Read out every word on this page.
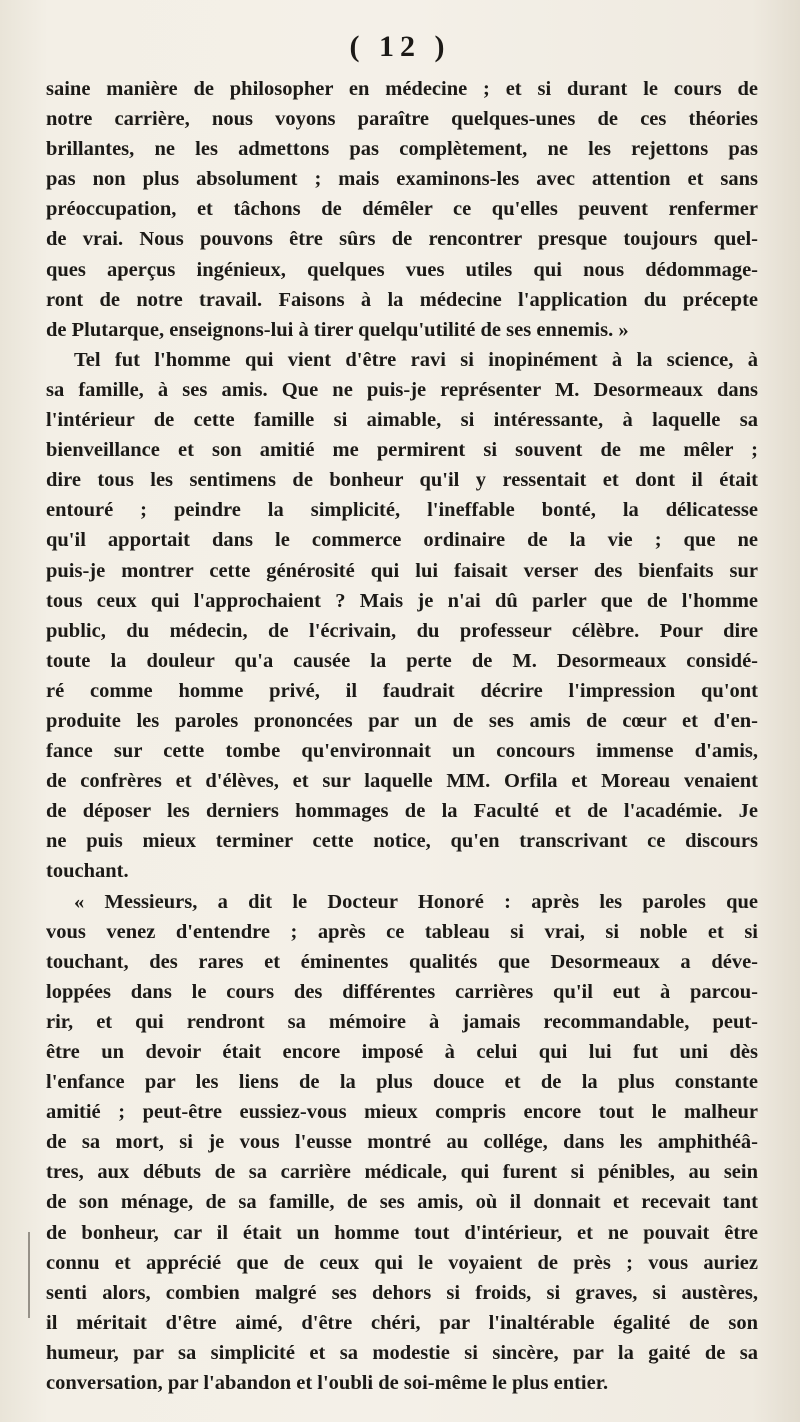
( 12 )
saine manière de philosopher en médecine ; et si durant le cours de
notre carrière, nous voyons paraître quelques-unes de ces théories
brillantes, ne les admettons pas complètement, ne les rejettons pas
pas non plus absolument ; mais examinons-les avec attention et sans
préoccupation, et tâchons de démêler ce qu'elles peuvent renfermer
de vrai. Nous pouvons être sûrs de rencontrer presque toujours quel-
ques aperçus ingénieux, quelques vues utiles qui nous dédommage-
ront de notre travail. Faisons à la médecine l'application du précepte
de Plutarque, enseignons-lui à tirer quelqu'utilité de ses ennemis. »
Tel fut l'homme qui vient d'être ravi si inopinément à la science, à
sa famille, à ses amis. Que ne puis-je représenter M. Desormeaux dans
l'intérieur de cette famille si aimable, si intéressante, à laquelle sa
bienveillance et son amitié me permirent si souvent de me mêler ;
dire tous les sentimens de bonheur qu'il y ressentait et dont il était
entouré ; peindre la simplicité, l'ineffable bonté, la délicatesse
qu'il apportait dans le commerce ordinaire de la vie ; que ne
puis-je montrer cette générosité qui lui faisait verser des bienfaits sur
tous ceux qui l'approchaient ? Mais je n'ai dû parler que de l'homme
public, du médecin, de l'écrivain, du professeur célèbre. Pour dire
toute la douleur qu'a causée la perte de M. Desormeaux considé-
ré comme homme privé, il faudrait décrire l'impression qu'ont
produite les paroles prononcées par un de ses amis de cœur et d'en-
fance sur cette tombe qu'environnait un concours immense d'amis,
de confrères et d'élèves, et sur laquelle MM. Orfila et Moreau venaient
de déposer les derniers hommages de la Faculté et de l'académie. Je
ne puis mieux terminer cette notice, qu'en transcrivant ce discours
touchant.
« Messieurs, a dit le Docteur Honoré : après les paroles que
vous venez d'entendre ; après ce tableau si vrai, si noble et si
touchant, des rares et éminentes qualités que Desormeaux a déve-
loppées dans le cours des différentes carrières qu'il eut à parcou-
rir, et qui rendront sa mémoire à jamais recommandable, peut-
être un devoir était encore imposé à celui qui lui fut uni dès
l'enfance par les liens de la plus douce et de la plus constante
amitié ; peut-être eussiez-vous mieux compris encore tout le malheur
de sa mort, si je vous l'eusse montré au collége, dans les amphithéâ-
tres, aux débuts de sa carrière médicale, qui furent si pénibles, au sein
de son ménage, de sa famille, de ses amis, où il donnait et recevait tant
de bonheur, car il était un homme tout d'intérieur, et ne pouvait être
connu et apprécié que de ceux qui le voyaient de près ; vous auriez
senti alors, combien malgré ses dehors si froids, si graves, si austères,
il méritait d'être aimé, d'être chéri, par l'inaltérable égalité de son
humeur, par sa simplicité et sa modestie si sincère, par la gaité de sa
conversation, par l'abandon et l'oubli de soi-même le plus entier.
